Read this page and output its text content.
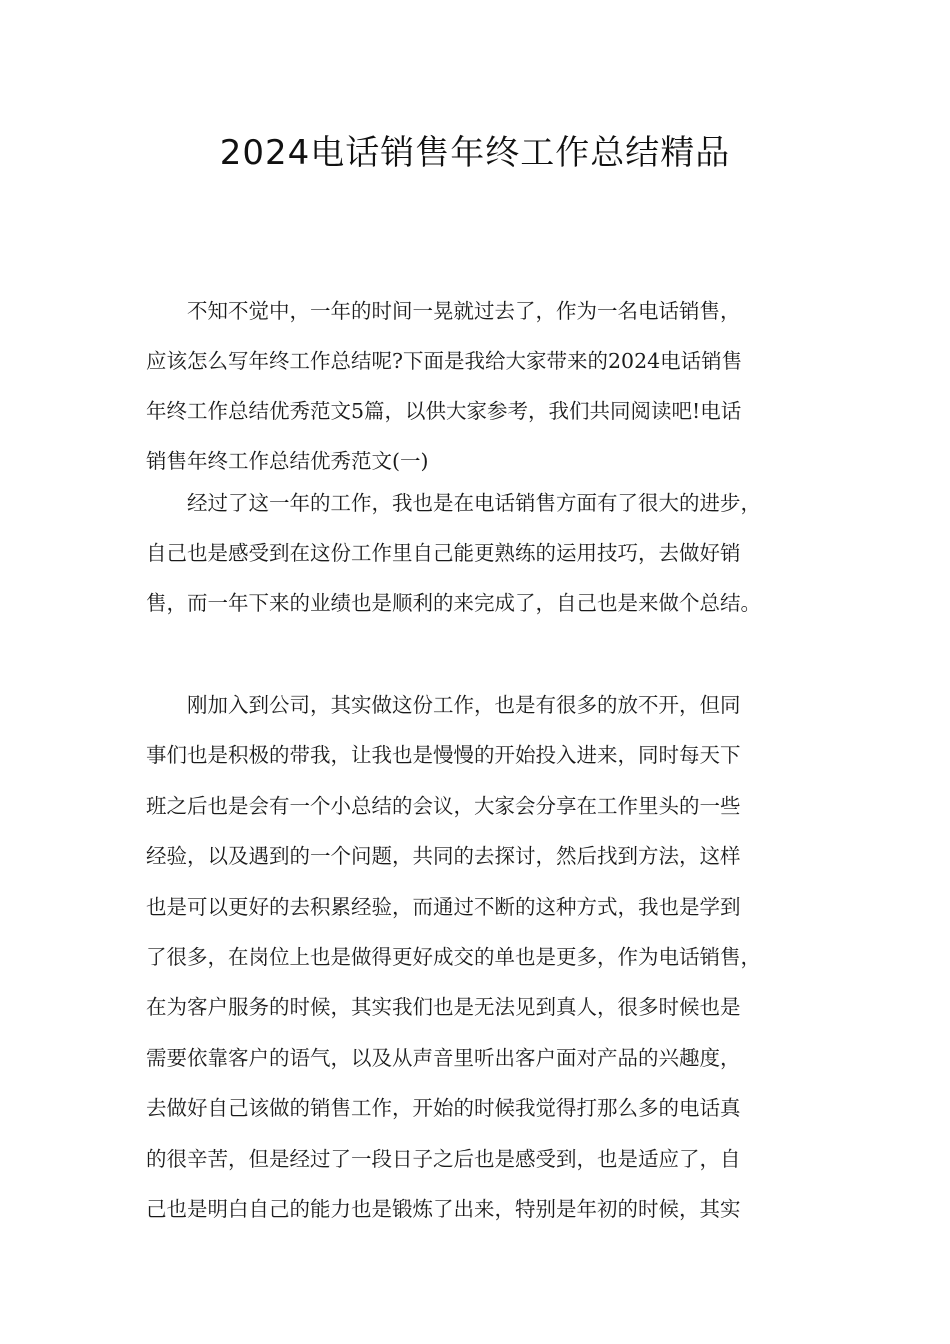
2024电话销售年终工作总结精品
　　不知不觉中，一年的时间一晃就过去了，作为一名电话销售，
应该怎么写年终工作总结呢?下面是我给大家带来的2024电话销售
年终工作总结优秀范文5篇，以供大家参考，我们共同阅读吧!电话
销售年终工作总结优秀范文(一)
　　经过了这一年的工作，我也是在电话销售方面有了很大的进步，
自己也是感受到在这份工作里自己能更熟练的运用技巧，去做好销
售，而一年下来的业绩也是顺利的来完成了，自己也是来做个总结。
　　刚加入到公司，其实做这份工作，也是有很多的放不开，但同
事们也是积极的带我，让我也是慢慢的开始投入进来，同时每天下
班之后也是会有一个小总结的会议，大家会分享在工作里头的一些
经验，以及遇到的一个问题，共同的去探讨，然后找到方法，这样
也是可以更好的去积累经验，而通过不断的这种方式，我也是学到
了很多，在岗位上也是做得更好成交的单也是更多，作为电话销售，
在为客户服务的时候，其实我们也是无法见到真人，很多时候也是
需要依靠客户的语气，以及从声音里听出客户面对产品的兴趣度，
去做好自己该做的销售工作，开始的时候我觉得打那么多的电话真
的很辛苦，但是经过了一段日子之后也是感受到，也是适应了，自
己也是明白自己的能力也是锻炼了出来，特别是年初的时候，其实
